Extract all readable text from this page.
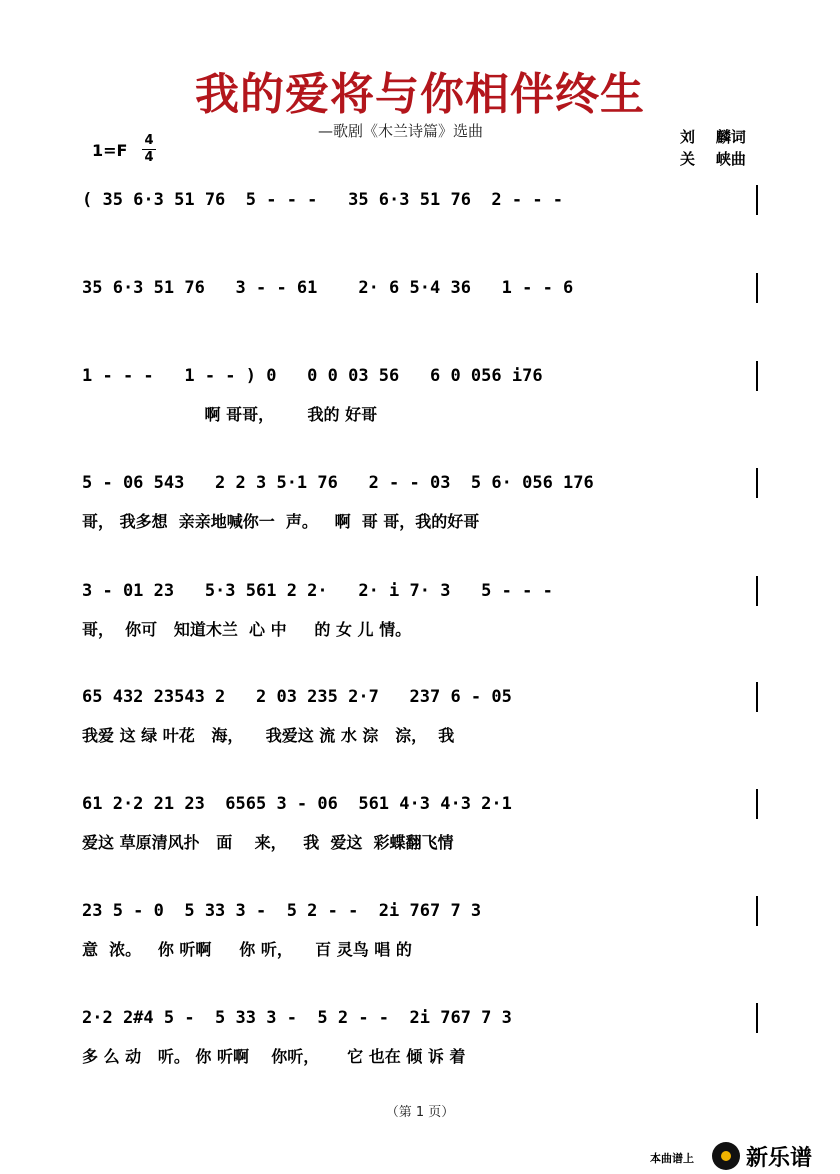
我的爱将与你相伴终生
—歌剧《木兰诗篇》选曲
1=F
4
4
刘    麟词
关    峡曲
( 35 6·3 51 76  5 - - -   35 6·3 51 76  2 - - -
35 6·3 51 76   3 - - 61    2· 6 5·4 36   1 - - 6
1 - - -   1 - - ) 0   0 0 03 56   6 0 056 i76
啊 哥哥，      我的 好哥
5 - 06 543   2 2 3 5·1 76   2 - - 03  5 6· 056 176
哥， 我多想  亲亲地喊你一  声。   啊  哥 哥，我的好哥
3 - 01 23   5·3 561 2 2·   2· i 7· 3   5 - - -
哥，  你可   知道木兰  心 中     的 女 儿 情。
65 432 23543 2   2 03 235 2·7   237 6 - 05
我爱 这 绿 叶花   海，    我爱这 流 水 淙   淙，  我
61 2·2 21 23  6565 3 - 06  561 4·3 4·3 2·1
爱这 草原清风扑   面    来，   我  爱这  彩蝶翻飞情
23 5 - 0  5 33 3 -  5 2 - -  2i 767 7 3
意  浓。   你 听啊     你 听，    百 灵鸟 唱 的
2·2 2#4 5 -  5 33 3 -  5 2 - -  2i 767 7 3
多 么 动   听。 你 听啊    你听，     它 也在 倾 诉 着
（第 1 页）
本曲谱上 新乐谱
